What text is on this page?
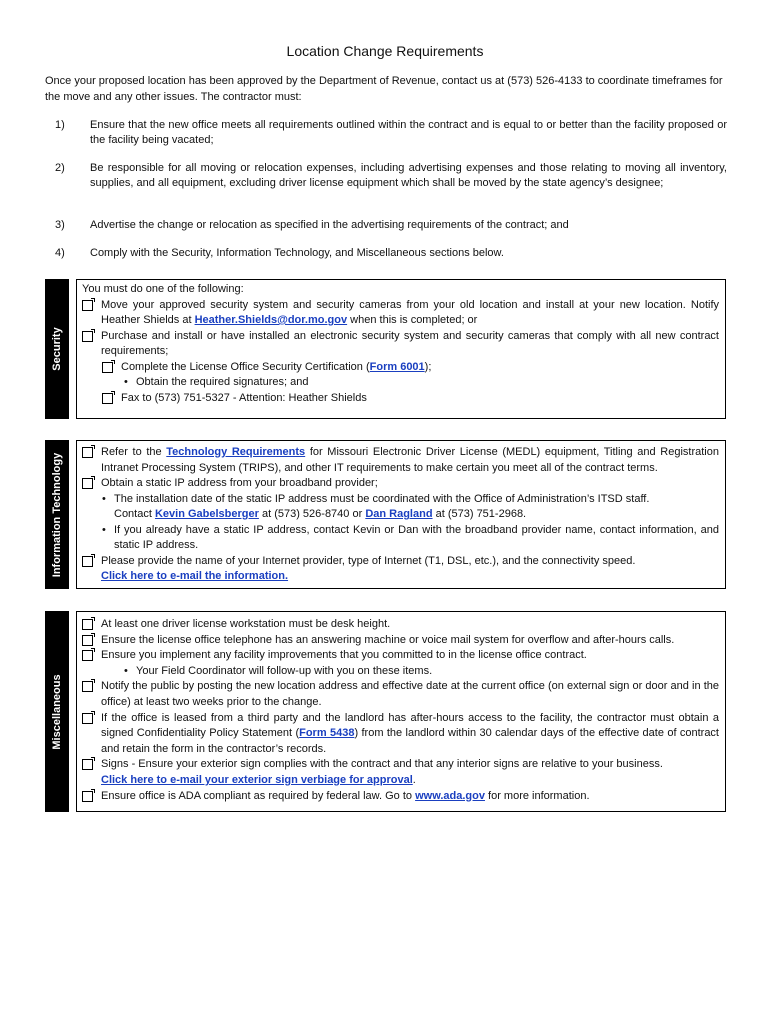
Location Change Requirements
Once your proposed location has been approved by the Department of Revenue, contact us at (573) 526-4133 to coordinate timeframes for the move and any other issues. The contractor must:
1)	Ensure that the new office meets all requirements outlined within the contract and is equal to or better than the facility proposed or the facility being vacated;
2)	Be responsible for all moving or relocation expenses, including advertising expenses and those relating to moving all inventory, supplies, and all equipment, excluding driver license equipment which shall be moved by the state agency’s designee;
3)	Advertise the change or relocation as specified in the advertising requirements of the contract; and
4)	Comply with the Security, Information Technology, and Miscellaneous sections below.
Security
You must do one of the following:
Move your approved security system and security cameras from your old location and install at your new location. Notify Heather Shields at Heather.Shields@dor.mo.gov when this is completed; or
Purchase and install or have installed an electronic security system and security cameras that comply with all new contract requirements;
Complete the License Office Security Certification (Form 6001);
• Obtain the required signatures; and
Fax to (573) 751-5327 - Attention: Heather Shields
Information Technology
Refer to the Technology Requirements for Missouri Electronic Driver License (MEDL) equipment, Titling and Registration Intranet Processing System (TRIPS), and other IT requirements to make certain you meet all of the contract terms.
Obtain a static IP address from your broadband provider;
• The installation date of the static IP address must be coordinated with the Office of Administration’s ITSD staff.
Contact Kevin Gabelsberger at (573) 526-8740 or Dan Ragland at (573) 751-2968.
• If you already have a static IP address, contact Kevin or Dan with the broadband provider name, contact information, and static IP address.
Please provide the name of your Internet provider, type of Internet (T1, DSL, etc.), and the connectivity speed.
Click here to e-mail the information.
Miscellaneous
At least one driver license workstation must be desk height.
Ensure the license office telephone has an answering machine or voice mail system for overflow and after-hours calls.
Ensure you implement any facility improvements that you committed to in the license office contract.
• Your Field Coordinator will follow-up with you on these items.
Notify the public by posting the new location address and effective date at the current office (on external sign or door and in the office) at least two weeks prior to the change.
If the office is leased from a third party and the landlord has after-hours access to the facility, the contractor must obtain a signed Confidentiality Policy Statement (Form 5438) from the landlord within 30 calendar days of the effective date of contract and retain the form in the contractor’s records.
Signs - Ensure your exterior sign complies with the contract and that any interior signs are relative to your business.
Click here to e-mail your exterior sign verbiage for approval.
Ensure office is ADA compliant as required by federal law. Go to www.ada.gov for more information.
